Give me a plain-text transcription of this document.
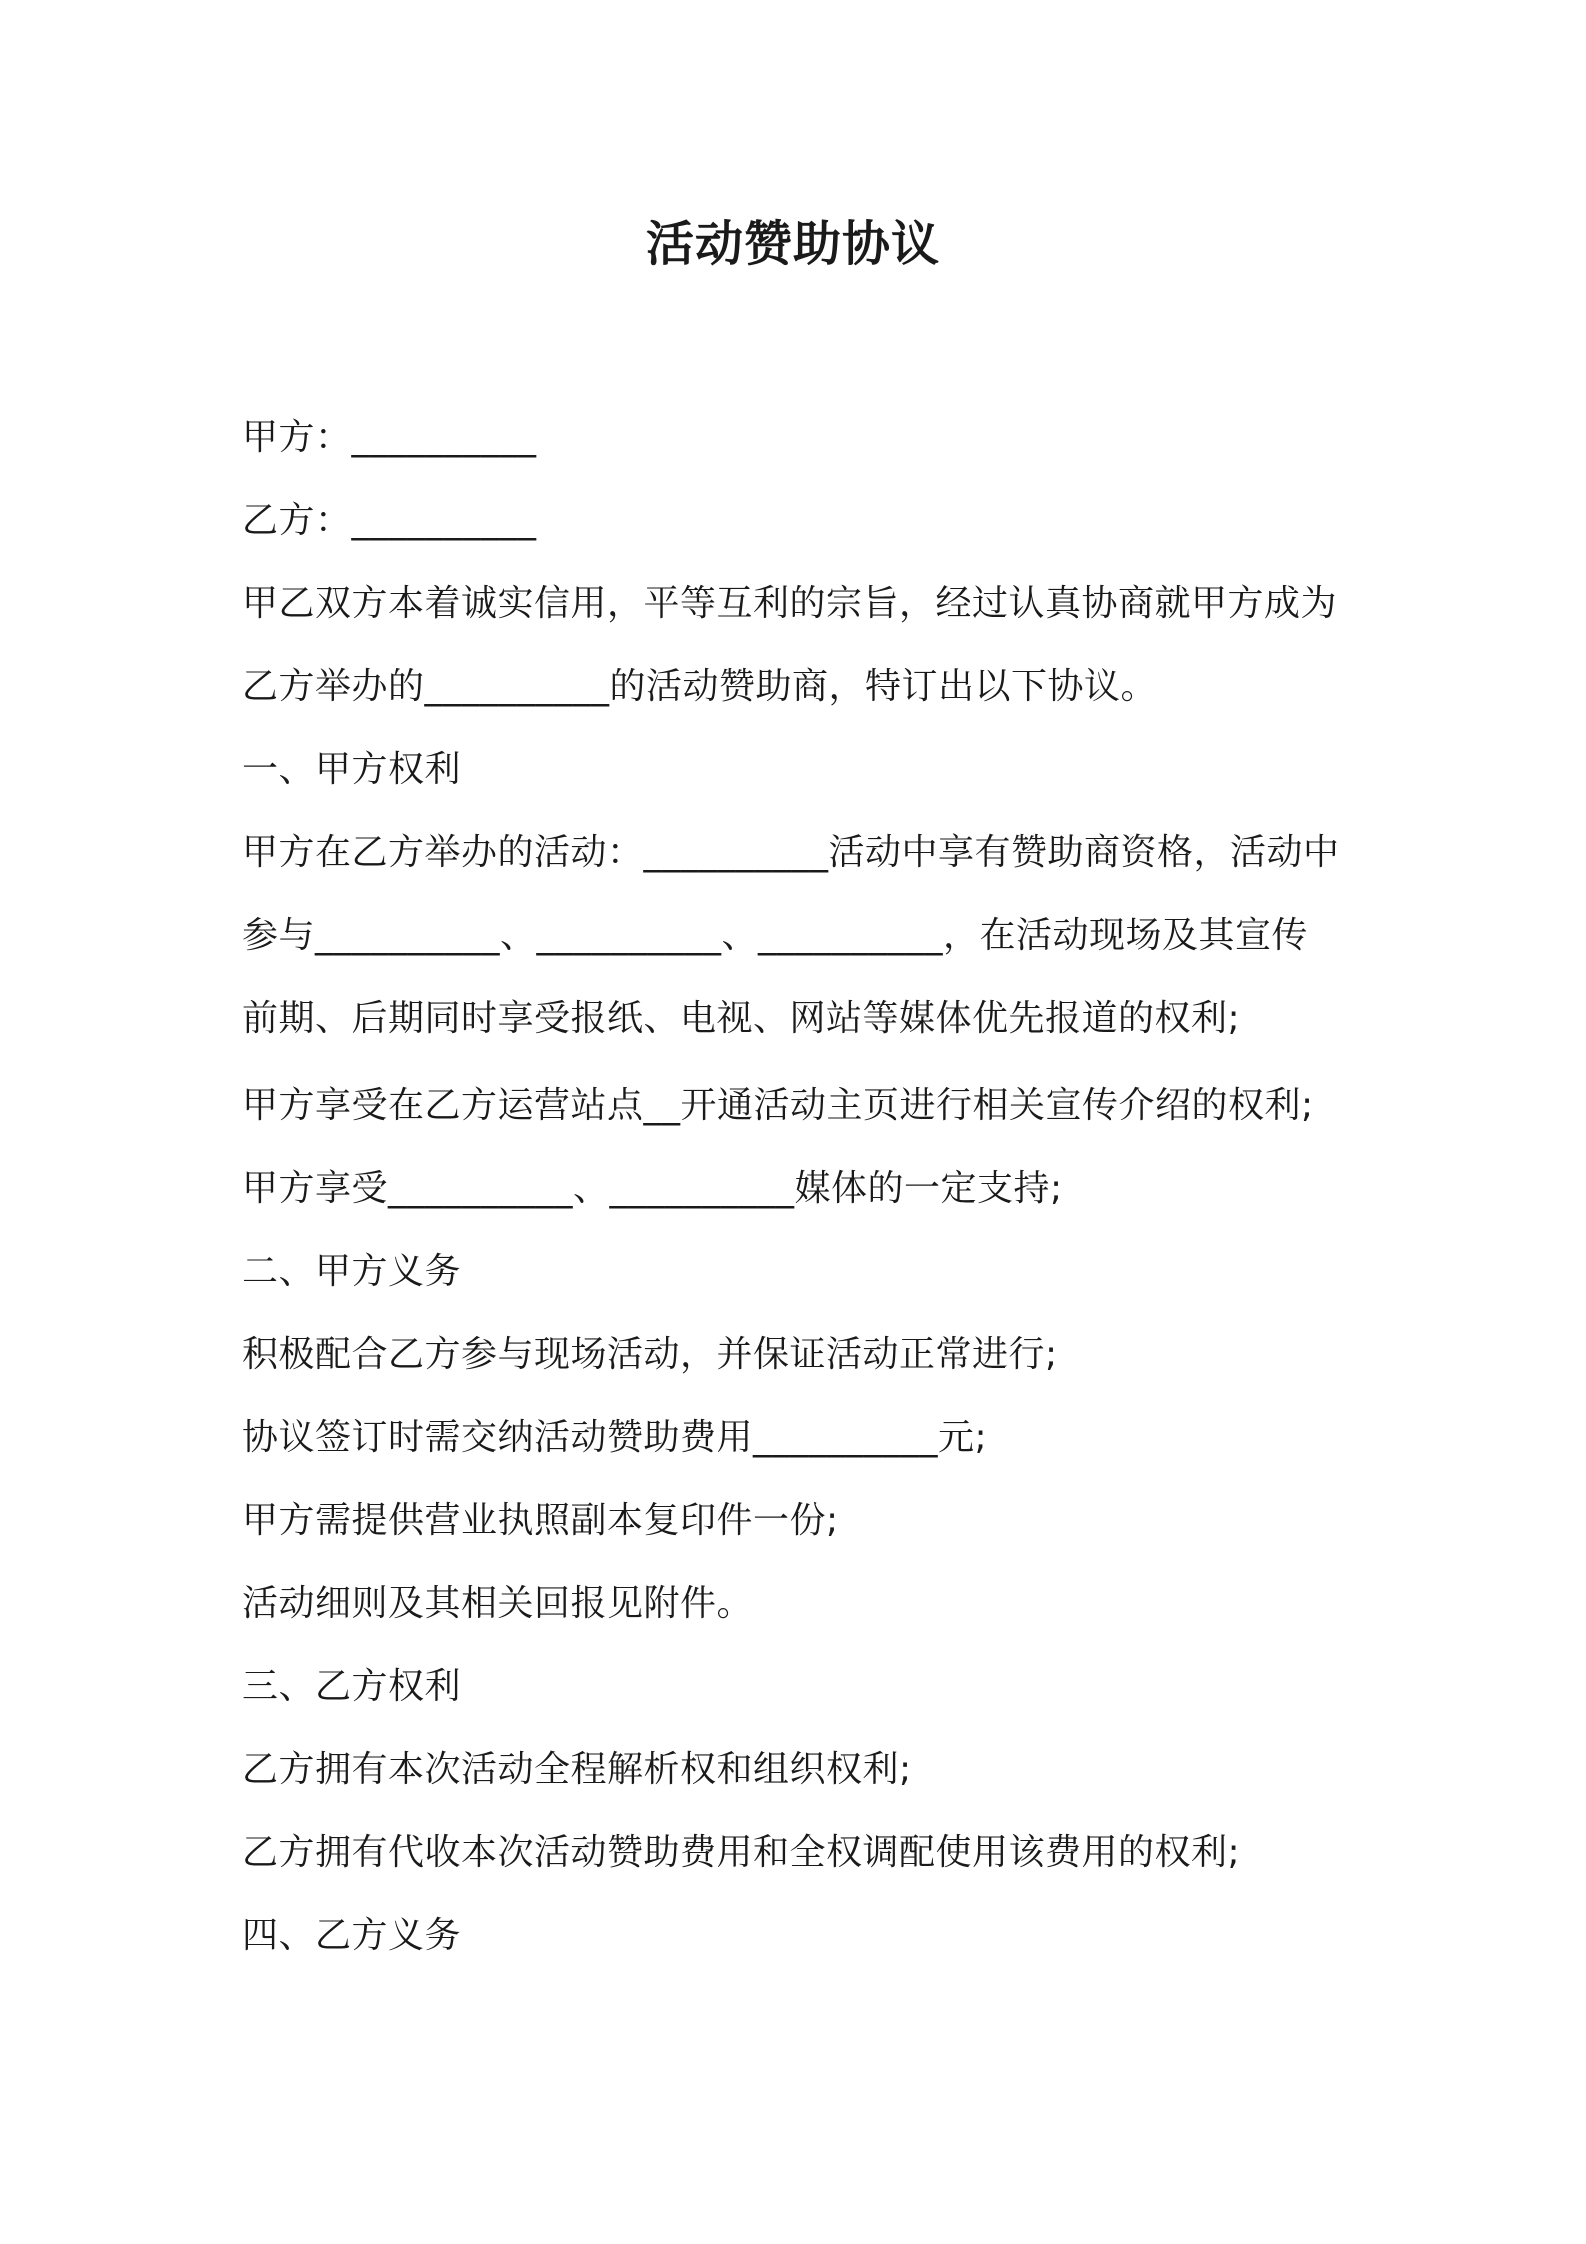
活动赞助协议
甲方：__________
乙方：__________
甲乙双方本着诚实信用，平等互利的宗旨，经过认真协商就甲方成为
乙方举办的__________的活动赞助商，特订出以下协议。
一、甲方权利
甲方在乙方举办的活动：__________活动中享有赞助商资格，活动中
参与__________、__________、__________，在活动现场及其宣传
前期、后期同时享受报纸、电视、网站等媒体优先报道的权利;
甲方享受在乙方运营站点__开通活动主页进行相关宣传介绍的权利;
甲方享受__________、__________媒体的一定支持;
二、甲方义务
积极配合乙方参与现场活动，并保证活动正常进行;
协议签订时需交纳活动赞助费用__________元;
甲方需提供营业执照副本复印件一份;
活动细则及其相关回报见附件。
三、乙方权利
乙方拥有本次活动全程解析权和组织权利;
乙方拥有代收本次活动赞助费用和全权调配使用该费用的权利;
四、乙方义务
